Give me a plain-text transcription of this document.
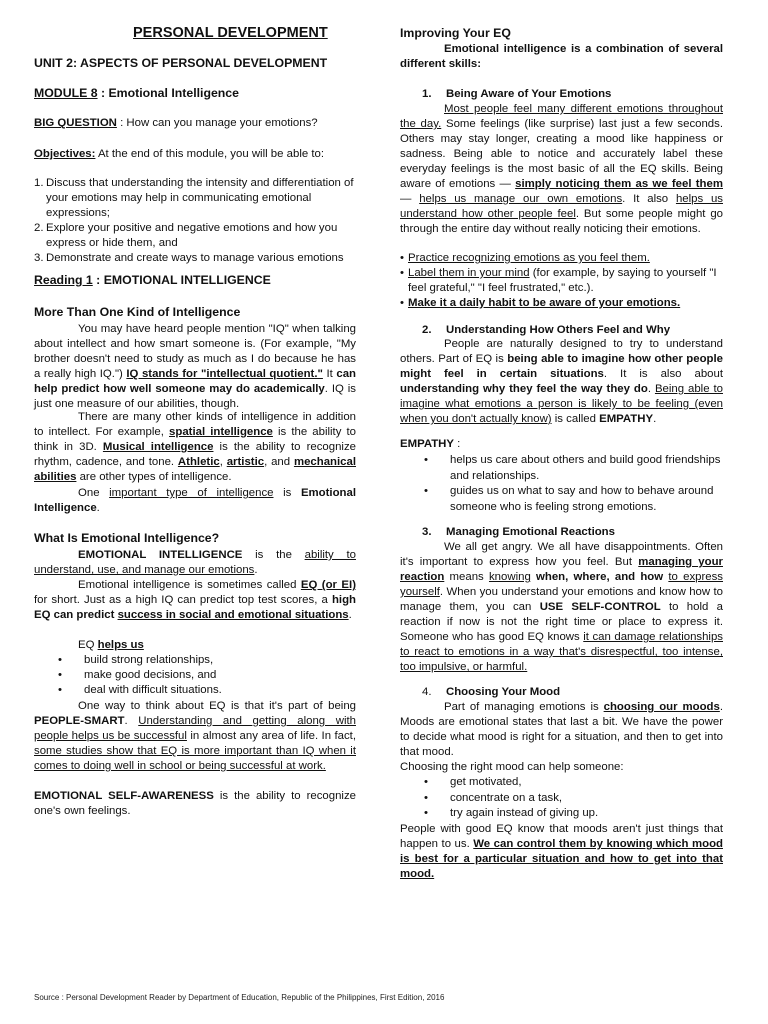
PERSONAL DEVELOPMENT
UNIT 2: ASPECTS OF PERSONAL DEVELOPMENT
MODULE 8 : Emotional Intelligence
BIG QUESTION : How can you manage your emotions?
Objectives: At the end of this module, you will be able to:
1. Discuss that understanding the intensity and differentiation of your emotions may help in communicating emotional expressions;
2. Explore your positive and negative emotions and how you express or hide them, and
3. Demonstrate and create ways to manage various emotions
Reading 1 : EMOTIONAL INTELLIGENCE
More Than One Kind of Intelligence

You may have heard people mention "IQ" when talking about intellect and how smart someone is. (For example, "My brother doesn't need to study as much as I do because he has a really high IQ.") IQ stands for "intellectual quotient." It can help predict how well someone may do academically. IQ is just one measure of our abilities, though.

There are many other kinds of intelligence in addition to intellect. For example, spatial intelligence is the ability to think in 3D. Musical intelligence is the ability to recognize rhythm, cadence, and tone. Athletic, artistic, and mechanical abilities are other types of intelligence.

One important type of intelligence is Emotional Intelligence.

What Is Emotional Intelligence?

EMOTIONAL INTELLIGENCE is the ability to understand, use, and manage our emotions.

Emotional intelligence is sometimes called EQ (or EI) for short. Just as a high IQ can predict top test scores, a high EQ can predict success in social and emotional situations.

EQ helps us

• build strong relationships,
• make good decisions, and
• deal with difficult situations.

One way to think about EQ is that it's part of being PEOPLE-SMART. Understanding and getting along with people helps us be successful in almost any area of life. In fact, some studies show that EQ is more important than IQ when it comes to doing well in school or being successful at work.

EMOTIONAL SELF-AWARENESS is the ability to recognize one's own feelings.

Improving Your EQ

Emotional intelligence is a combination of several different skills:

1. Being Aware of Your Emotions

Most people feel many different emotions throughout the day. Some feelings (like surprise) last just a few seconds. Others may stay longer, creating a mood like happiness or sadness. Being able to notice and accurately label these everyday feelings is the most basic of all the EQ skills. Being aware of emotions — simply noticing them as we feel them — helps us manage our own emotions. It also helps us understand how other people feel. But some people might go through the entire day without really noticing their emotions.

• Practice recognizing emotions as you feel them.
• Label them in your mind (for example, by saying to yourself "I feel grateful," "I feel frustrated," etc.).
• Make it a daily habit to be aware of your emotions.
2. Understanding How Others Feel and Why

People are naturally designed to try to understand others. Part of EQ is being able to imagine how other people might feel in certain situations. It is also about understanding why they feel the way they do. Being able to imagine what emotions a person is likely to be feeling (even when you don't actually know) is called EMPATHY.

EMPATHY :
• helps us care about others and build good friendships and relationships.
• guides us on what to say and how to behave around someone who is feeling strong emotions.
3. Managing Emotional Reactions

We all get angry. We all have disappointments. Often it's important to express how you feel. But managing your reaction means knowing when, where, and how to express yourself. When you understand your emotions and know how to manage them, you can USE SELF-CONTROL to hold a reaction if now is not the right time or place to express it. Someone who has good EQ knows it can damage relationships to react to emotions in a way that's disrespectful, too intense, too impulsive, or harmful.

4. Choosing Your Mood

Part of managing emotions is choosing our moods. Moods are emotional states that last a bit. We have the power to decide what mood is right for a situation, and then to get into that mood.

Choosing the right mood can help someone:

• get motivated,
• concentrate on a task,
• try again instead of giving up.

People with good EQ know that moods aren't just things that happen to us. We can control them by knowing which mood is best for a particular situation and how to get into that mood.

Source : Personal Development Reader by Department of Education, Republic of the Philippines, First Edition, 2016
